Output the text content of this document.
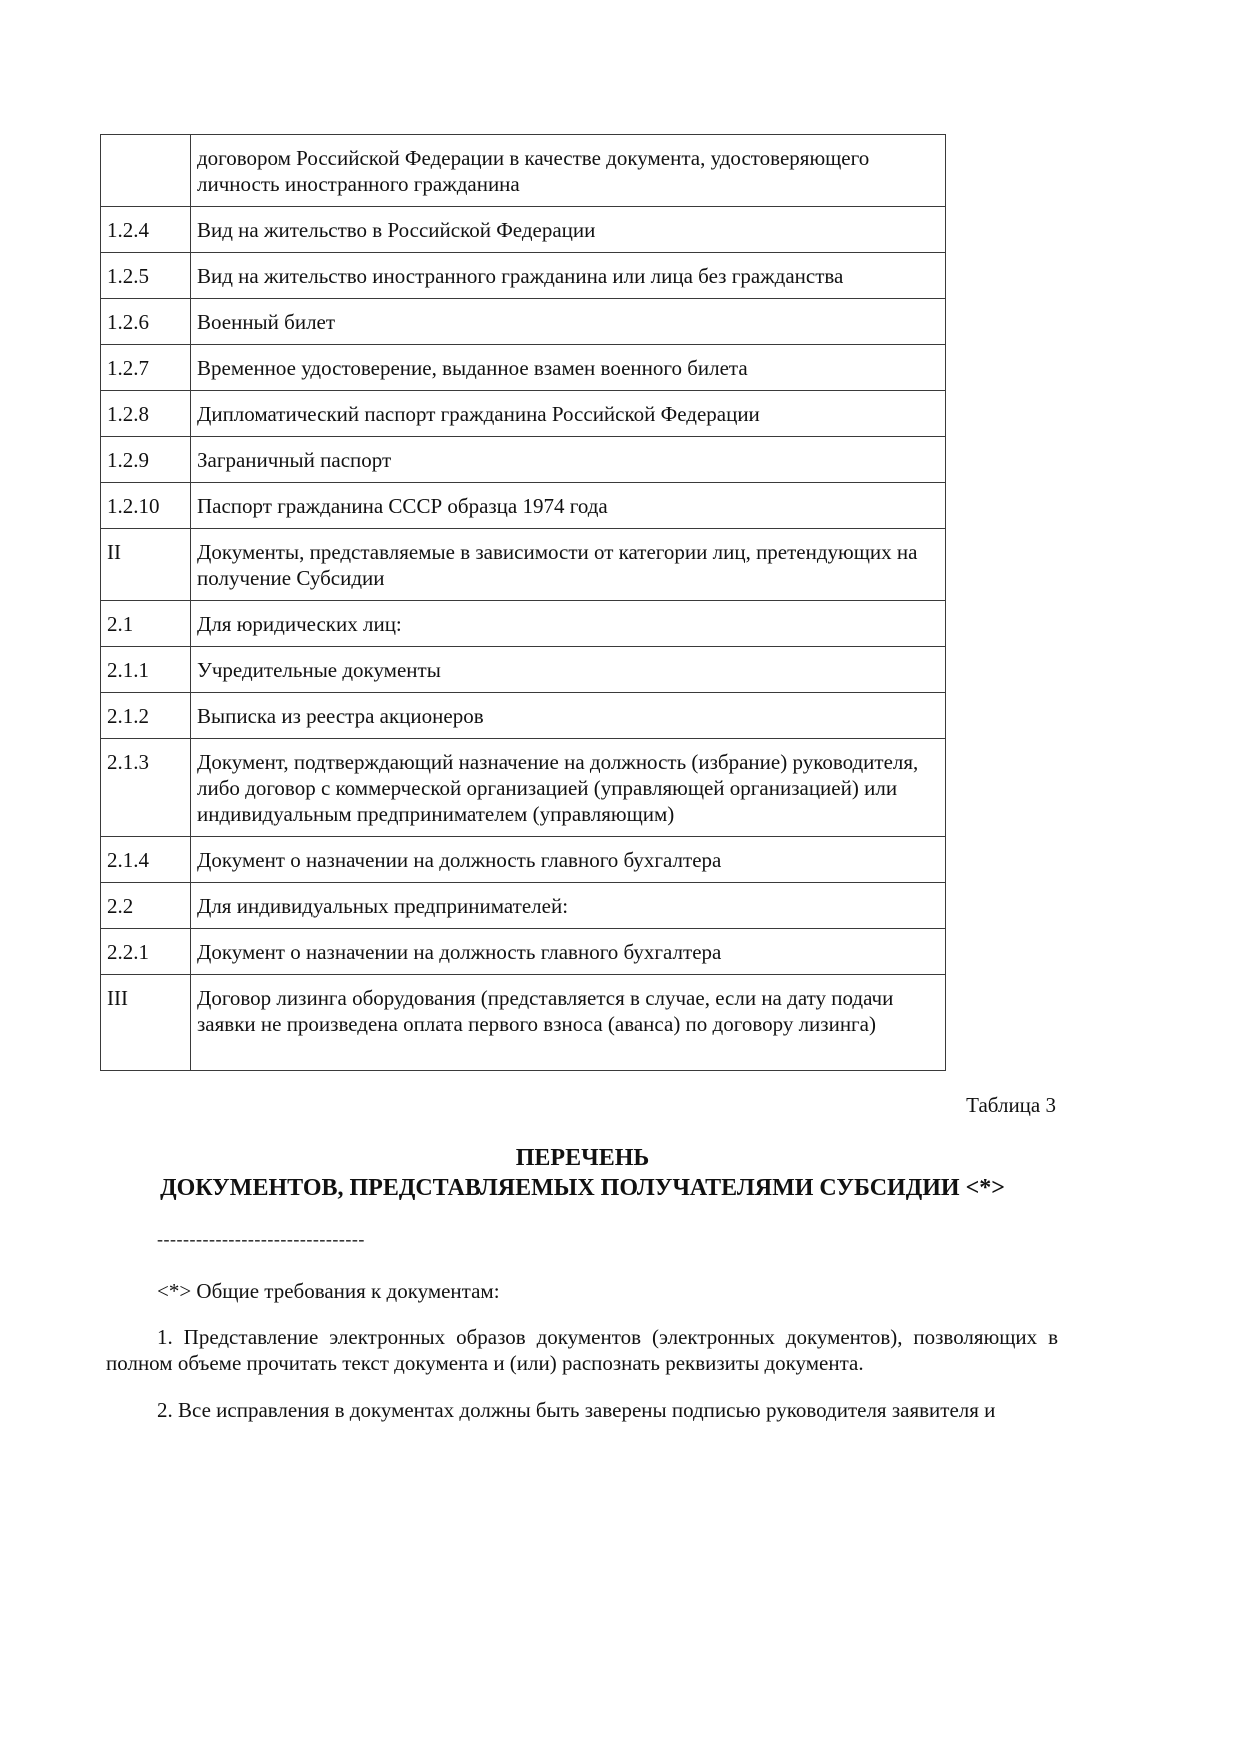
	договором Российской Федерации в качестве документа, удостоверяющего личность иностранного гражданина
1.2.4	Вид на жительство в Российской Федерации
1.2.5	Вид на жительство иностранного гражданина или лица без гражданства
1.2.6	Военный билет
1.2.7	Временное удостоверение, выданное взамен военного билета
1.2.8	Дипломатический паспорт гражданина Российской Федерации
1.2.9	Заграничный паспорт
1.2.10	Паспорт гражданина СССР образца 1974 года
II	Документы, представляемые в зависимости от категории лиц, претендующих на получение Субсидии
2.1	Для юридических лиц:
2.1.1	Учредительные документы
2.1.2	Выписка из реестра акционеров
2.1.3	Документ, подтверждающий назначение на должность (избрание) руководителя, либо договор с коммерческой организацией (управляющей организацией) или индивидуальным предпринимателем (управляющим)
2.1.4	Документ о назначении на должность главного бухгалтера
2.2	Для индивидуальных предпринимателей:
2.2.1	Документ о назначении на должность главного бухгалтера
III	Договор лизинга оборудования (представляется в случае, если на дату подачи заявки не произведена оплата первого взноса (аванса) по договору лизинга)
Таблица 3
ПЕРЕЧЕНЬ
ДОКУМЕНТОВ, ПРЕДСТАВЛЯЕМЫХ ПОЛУЧАТЕЛЯМИ СУБСИДИИ <*>
--------------------------------
<*> Общие требования к документам:
1. Представление электронных образов документов (электронных документов), позволяющих в полном объеме прочитать текст документа и (или) распознать реквизиты документа.
2. Все исправления в документах должны быть заверены подписью руководителя заявителя и
